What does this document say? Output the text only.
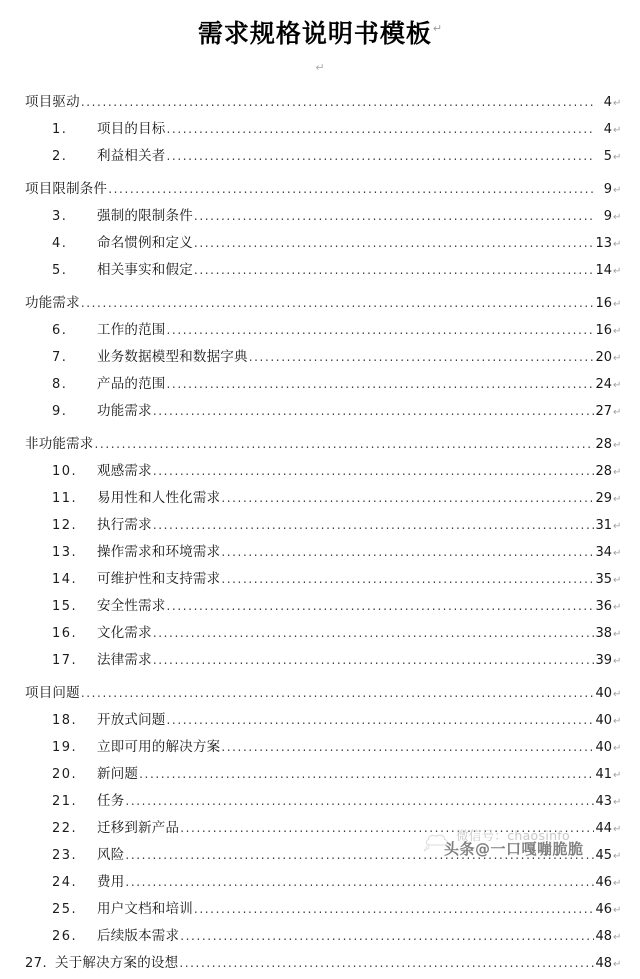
需求规格说明书模板↵
↵
项目驱动 .....	4 ↵
1.	项目的目标 .....	4 ↵
2.	利益相关者 .....	5 ↵
项目限制条件 .....	9 ↵
3.	强制的限制条件 .....	9 ↵
4.	命名惯例和定义 .....	13 ↵
5.	相关事实和假定 .....	14 ↵
功能需求 .....	16 ↵
6.	工作的范围 .....	16 ↵
7.	业务数据模型和数据字典 .....	20 ↵
8.	产品的范围 .....	24 ↵
9.	功能需求 .....	27 ↵
非功能需求 .....	28 ↵
10.	观感需求 .....	28 ↵
11.	易用性和人性化需求 .....	29 ↵
12.	执行需求 .....	31 ↵
13.	操作需求和环境需求 .....	34 ↵
14.	可维护性和支持需求 .....	35 ↵
15.	安全性需求 .....	36 ↵
16.	文化需求 .....	38 ↵
17.	法律需求 .....	39 ↵
项目问题 .....	40 ↵
18.	开放式问题 .....	40 ↵
19.	立即可用的解决方案 .....	40 ↵
20.	新问题 .....	41 ↵
21.	任务 .....	43 ↵
22.	迁移到新产品 .....	44 ↵
23.	风险 .....	45 ↵
24.	费用 .....	46 ↵
25.	用户文档和培训 .....	46 ↵
26.	后续版本需求 .....	48 ↵
27. 关于解决方案的设想 .....	48 ↵
微信号：chaosinfo
头条@一口嘎嘣脆脆
